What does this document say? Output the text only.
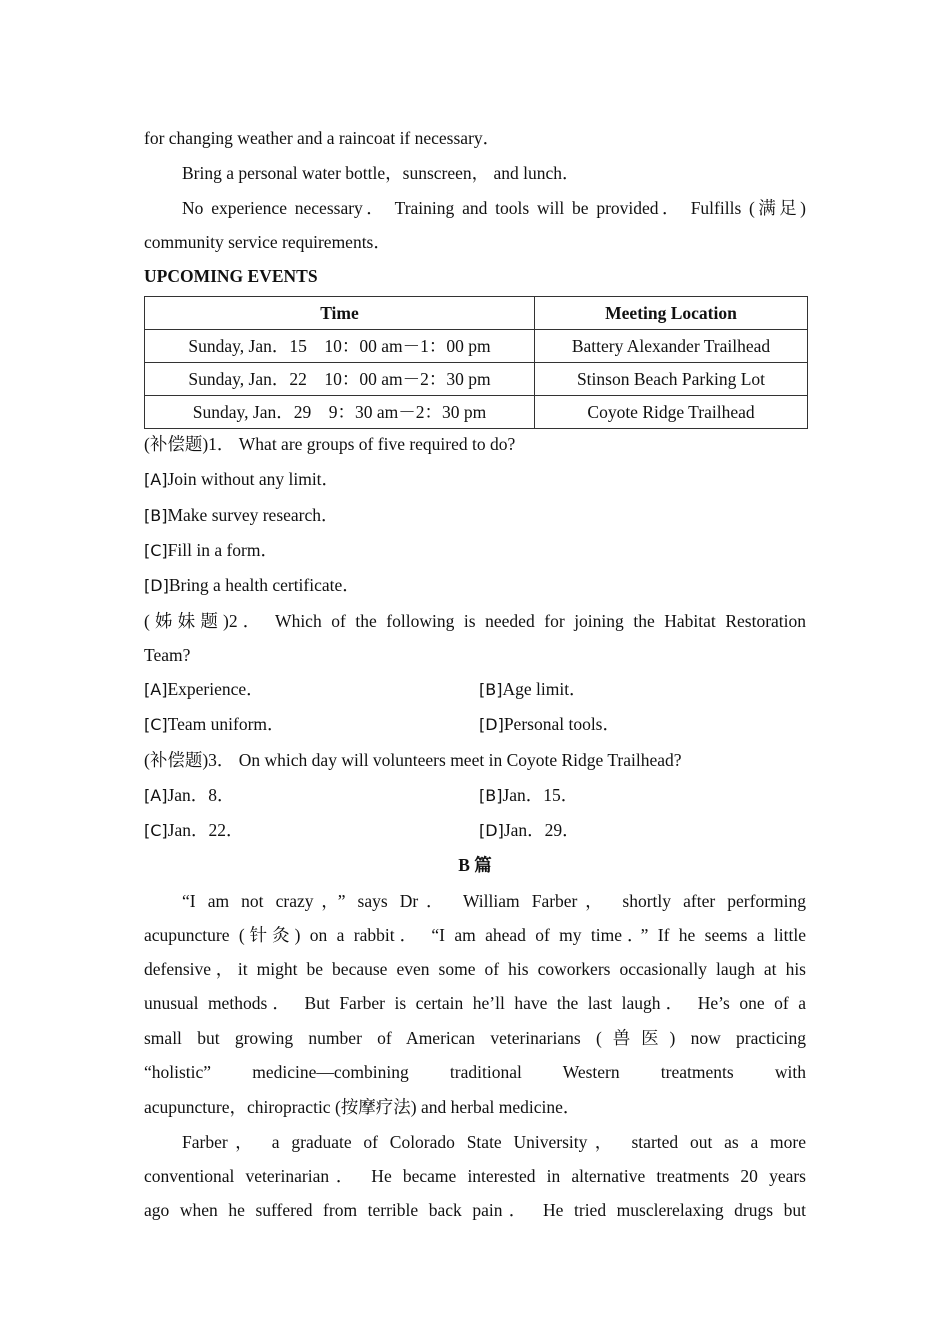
for changing weather and a raincoat if necessary．
Bring a personal water bottle，sunscreen， and lunch．
No experience necessary． Training and tools will be provided． Fulfills (满足)
community service requirements．
UPCOMING EVENTS
Time	Meeting Location
Sunday, Jan．15　10：00 am－1：00 pm	Battery Alexander Trailhead
Sunday, Jan．22　10：00 am－2：30 pm	Stinson Beach Parking Lot
Sunday, Jan．29　9：30 am－2：30 pm	Coyote Ridge Trailhead
(补偿题)1． What are groups of five required to do?
[A]Join without any limit．
[B]Make survey research．
[C]Fill in a form．
[D]Bring a health certificate．
(姊妹题)2． Which of the following is needed for joining the Habitat Restoration
Team?
[A]Experience．	[B]Age limit．
[C]Team uniform．	[D]Personal tools．
(补偿题)3． On which day will volunteers meet in Coyote Ridge Trailhead?
[A]Jan．8．	[B]Jan．15．
[C]Jan．22．	[D]Jan．29．
B 篇
“I am not crazy，” says Dr． William Farber， shortly after performing
acupuncture (针灸) on a rabbit． “I am ahead of my time．” If he seems a little
defensive，it might be because even some of his coworkers occasionally laugh at his
unusual methods． But Farber is certain he’ll have the last laugh． He’s one of a
small but growing number of American veterinarians (兽医) now practicing
“holistic” medicine—combining traditional Western treatments with
acupuncture，chiropractic (按摩疗法) and herbal medicine．
Farber， a graduate of Colorado State University， started out as a more
conventional veterinarian． He became interested in alternative treatments 20 years
ago when he suffered from terrible back pain． He tried musclerelaxing drugs but
